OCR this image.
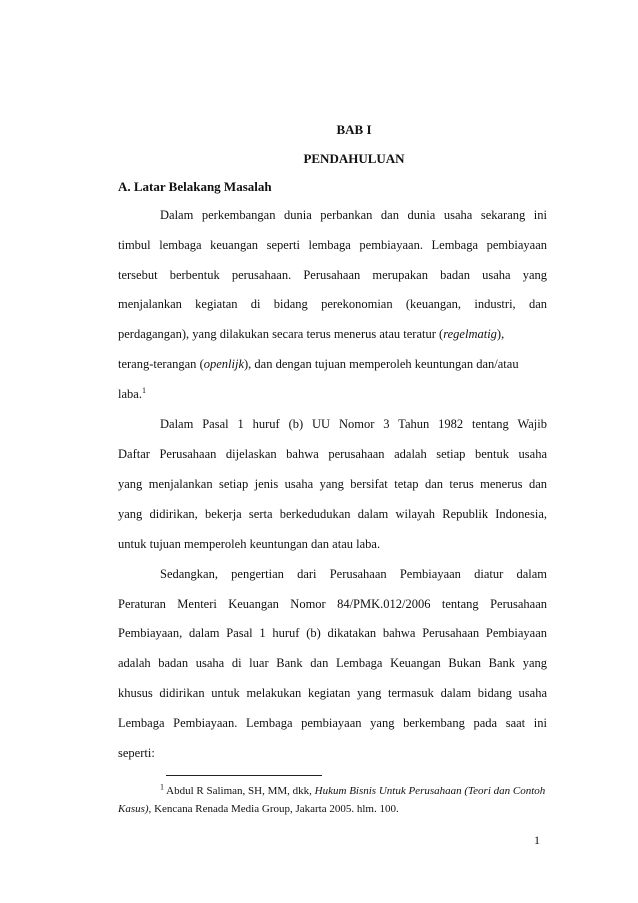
BAB I
PENDAHULUAN
A. Latar Belakang Masalah
Dalam perkembangan dunia perbankan dan dunia usaha sekarang ini
timbul lembaga keuangan seperti lembaga pembiayaan. Lembaga pembiayaan
tersebut berbentuk perusahaan. Perusahaan merupakan badan usaha yang
menjalankan kegiatan di bidang perekonomian (keuangan, industri, dan
perdagangan), yang dilakukan secara terus menerus atau teratur (regelmatig),
terang-terangan (openlijk), dan dengan tujuan memperoleh keuntungan dan/atau
laba.$^1$
Dalam Pasal 1 huruf (b) UU Nomor 3 Tahun 1982 tentang Wajib
Daftar Perusahaan dijelaskan bahwa perusahaan adalah setiap bentuk usaha
yang menjalankan setiap jenis usaha yang bersifat tetap dan terus menerus dan
yang didirikan, bekerja serta berkedudukan dalam wilayah Republik Indonesia,
untuk tujuan memperoleh keuntungan dan atau laba.
Sedangkan, pengertian dari Perusahaan Pembiayaan diatur dalam
Peraturan Menteri Keuangan Nomor 84/PMK.012/2006 tentang Perusahaan
Pembiayaan, dalam Pasal 1 huruf (b) dikatakan bahwa Perusahaan Pembiayaan
adalah badan usaha di luar Bank dan Lembaga Keuangan Bukan Bank yang
khusus didirikan untuk melakukan kegiatan yang termasuk dalam bidang usaha
Lembaga Pembiayaan. Lembaga pembiayaan yang berkembang pada saat ini
seperti:
$^1$ Abdul R Saliman, SH, MM, dkk, Hukum Bisnis Untuk Perusahaan (Teori dan Contoh
Kasus), Kencana Renada Media Group, Jakarta 2005. hlm. 100.
1
